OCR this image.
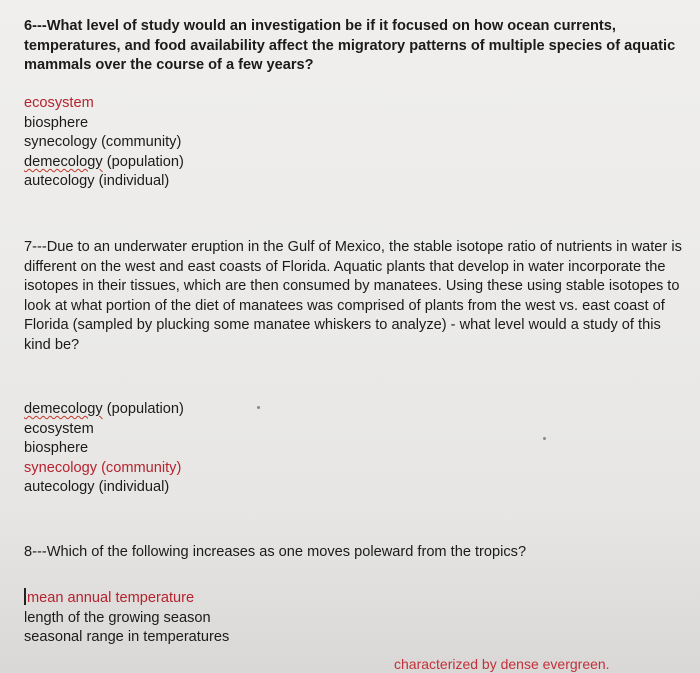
6---What level of study would an investigation be if it focused on how ocean currents, temperatures, and food availability affect the migratory patterns of multiple species of aquatic mammals over the course of a few years?

ecosystem
biosphere
synecology (community)
demecology (population)
autecology (individual)

7---Due to an underwater eruption in the Gulf of Mexico, the stable isotope ratio of nutrients in water is different on the west and east coasts of Florida. Aquatic plants that develop in water incorporate the isotopes in their tissues, which are then consumed by manatees. Using these using stable isotopes to look at what portion of the diet of manatees was comprised of plants from the west vs. east coast of Florida (sampled by plucking some manatee whiskers to analyze) - what level would a study of this kind be?

demecology (population)
ecosystem
biosphere
synecology (community)
autecology (individual)

8---Which of the following increases as one moves poleward from the tropics?

mean annual temperature
length of the growing season
seasonal range in temperatures
characterized by dense evergreen.
